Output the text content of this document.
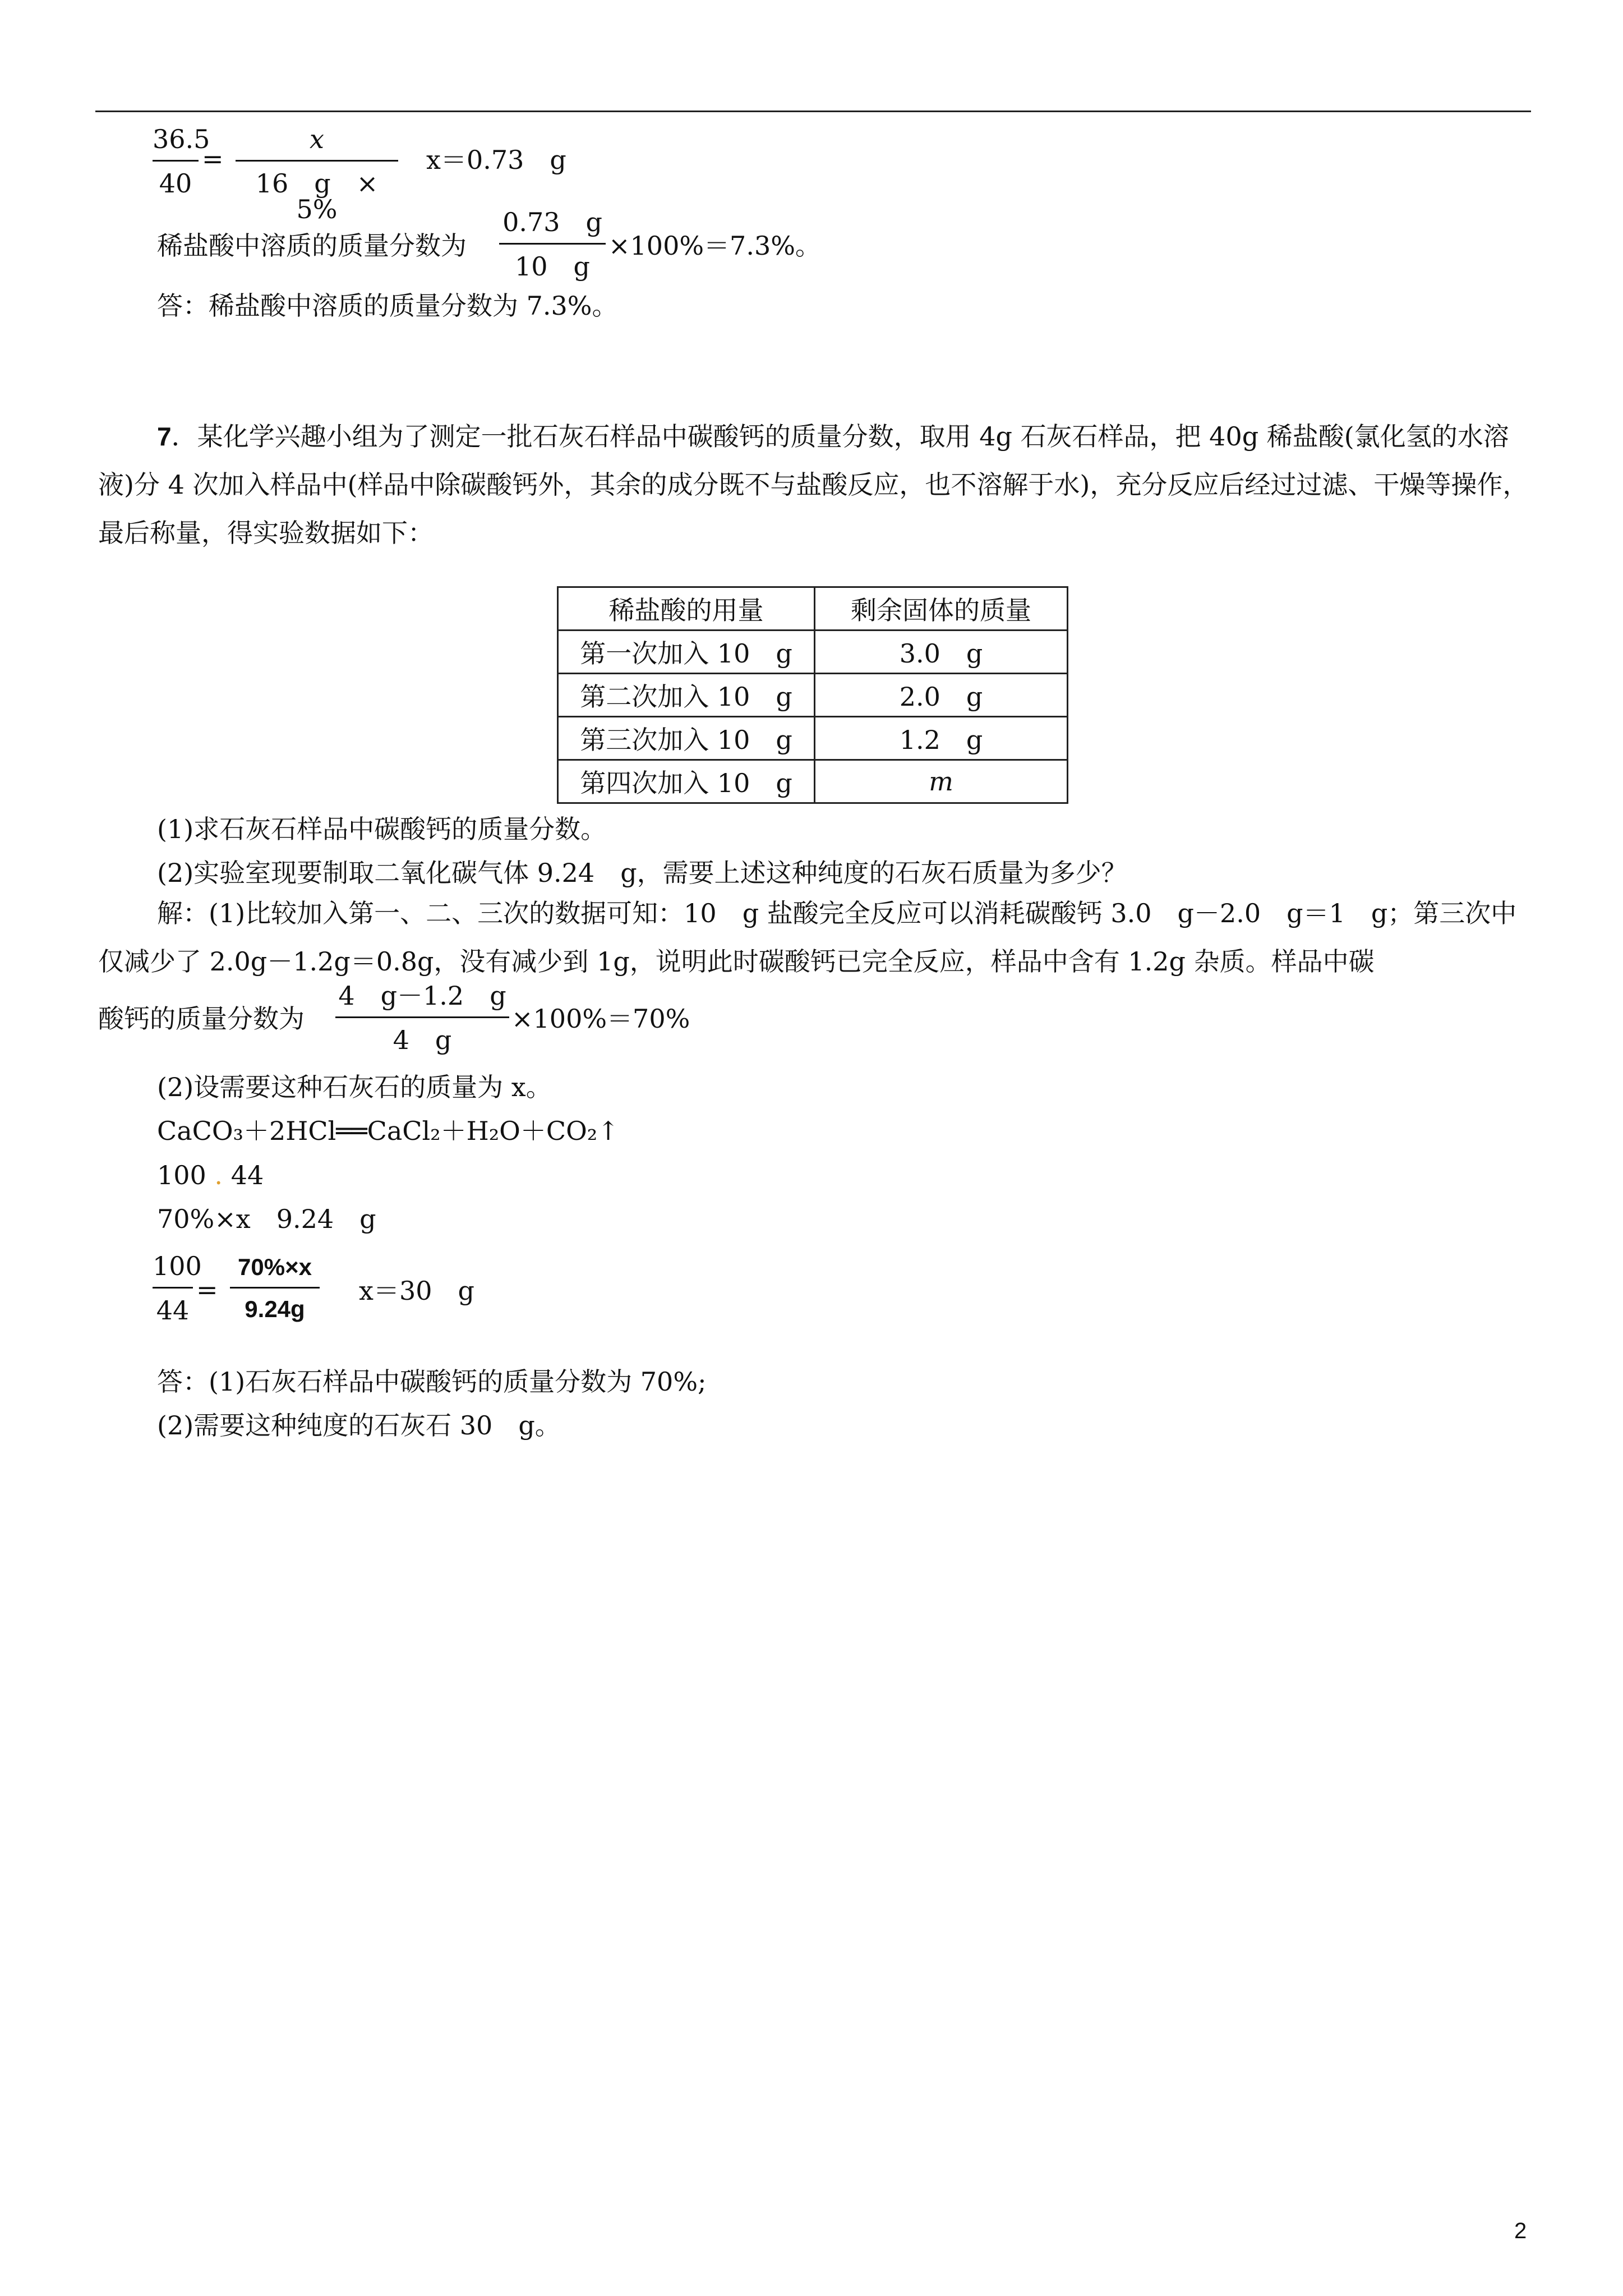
36.5
40
=
x
16　g　×　5%
x＝0.73　g
稀盐酸中溶质的质量分数为
0.73　g
10　g
×100%＝7.3%。
答：稀盐酸中溶质的质量分数为 7.3%。
7．某化学兴趣小组为了测定一批石灰石样品中碳酸钙的质量分数，取用 4g 石灰石样品，把 40g 稀盐酸(氯化氢的水溶液)分 4 次加入样品中(样品中除碳酸钙外，其余的成分既不与盐酸反应，也不溶解于水)，充分反应后经过过滤、干燥等操作，最后称量，得实验数据如下：
稀盐酸的用量	剩余固体的质量
第一次加入 10　g	3.0　g
第二次加入 10　g	2.0　g
第三次加入 10　g	1.2　g
第四次加入 10　g	m
(1)求石灰石样品中碳酸钙的质量分数。
(2)实验室现要制取二氧化碳气体 9.24　g，需要上述这种纯度的石灰石质量为多少？
解：(1)比较加入第一、二、三次的数据可知：10　g 盐酸完全反应可以消耗碳酸钙 3.0　g－2.0　g＝1　g；第三次中仅减少了 2.0g－1.2g＝0.8g，没有减少到 1g，说明此时碳酸钙已完全反应，样品中含有 1.2g 杂质。样品中碳
酸钙的质量分数为
4　g－1.2　g
4　g
×100%＝70%
(2)设需要这种石灰石的质量为 x。
CaCO₃＋2HCl══CaCl₂＋H₂O＋CO₂↑
100 . 44
70%×x　9.24　g
100
44
=
70%×x
9.24g
x＝30　g
答：(1)石灰石样品中碳酸钙的质量分数为 70%;
(2)需要这种纯度的石灰石 30　g。
2
